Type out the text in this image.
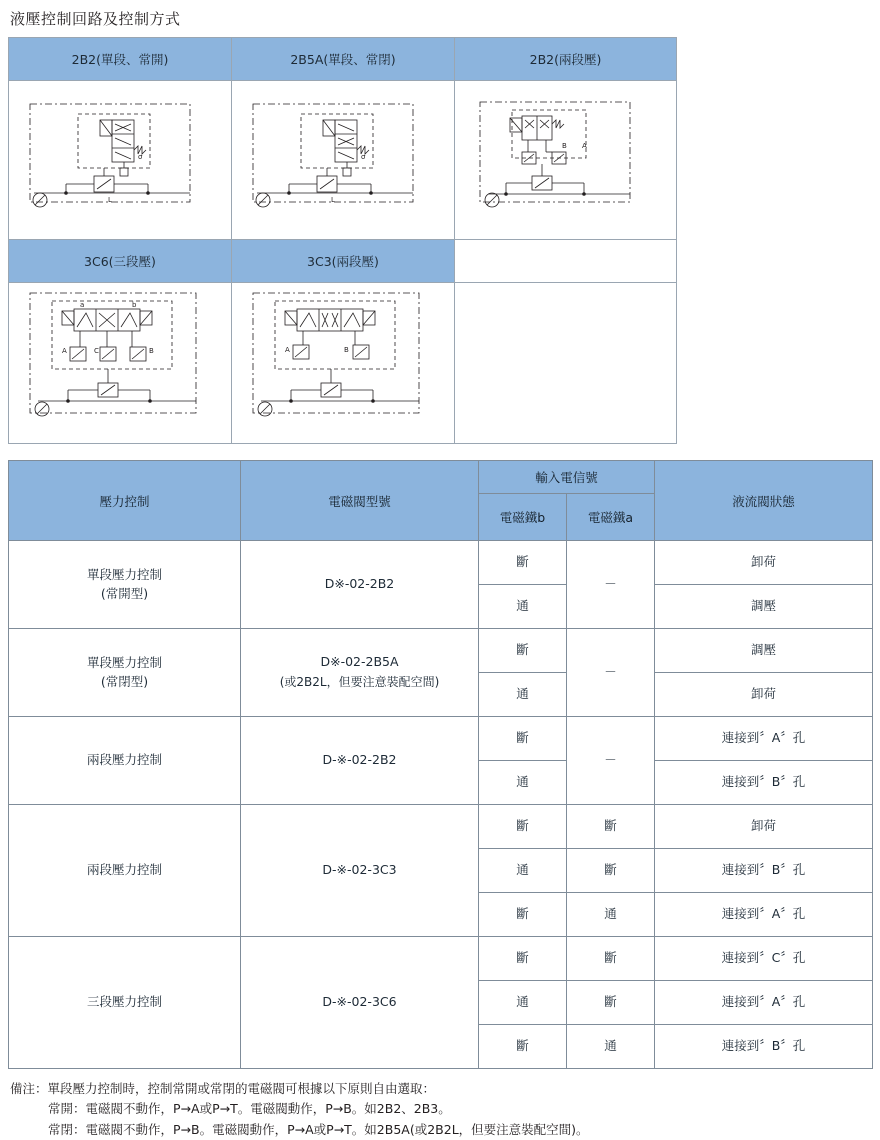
液壓控制回路及控制方式
2B2(單段、常開)	2B5A(單段、常閉)	2B2(兩段壓)

σ
L	σ
L	B A

3C6(三段壓)	3C3(兩段壓)	

a b
A C B	A B	

壓力控制	電磁閥型號	輸入電信號		液流閥狀態
		電磁鐵b	電磁鐵a	
單段壓力控制
(常開型)	D※-02-2B2	斷	－	卸荷
		通		調壓
單段壓力控制
(常閉型)	D※-02-2B5A
(或2B2L，但要注意裝配空間)	斷	－	調壓
		通		卸荷
兩段壓力控制	D-※-02-2B2	斷	－	連接到〞A〞孔
		通		連接到〞B〞孔
兩段壓力控制	D-※-02-3C3	斷	斷	卸荷
		通	斷	連接到〞B〞孔
		斷	通	連接到〞A〞孔
三段壓力控制	D-※-02-3C6	斷	斷	連接到〞C〞孔
		通	斷	連接到〞A〞孔
		斷	通	連接到〞B〞孔
備注：單段壓力控制時，控制常開或常閉的電磁閥可根據以下原則自由選取：
常開：電磁閥不動作，P→A或P→T。電磁閥動作，P→B。如2B2、2B3。
常閉：電磁閥不動作，P→B。電磁閥動作，P→A或P→T。如2B5A(或2B2L，但要注意裝配空間)。
